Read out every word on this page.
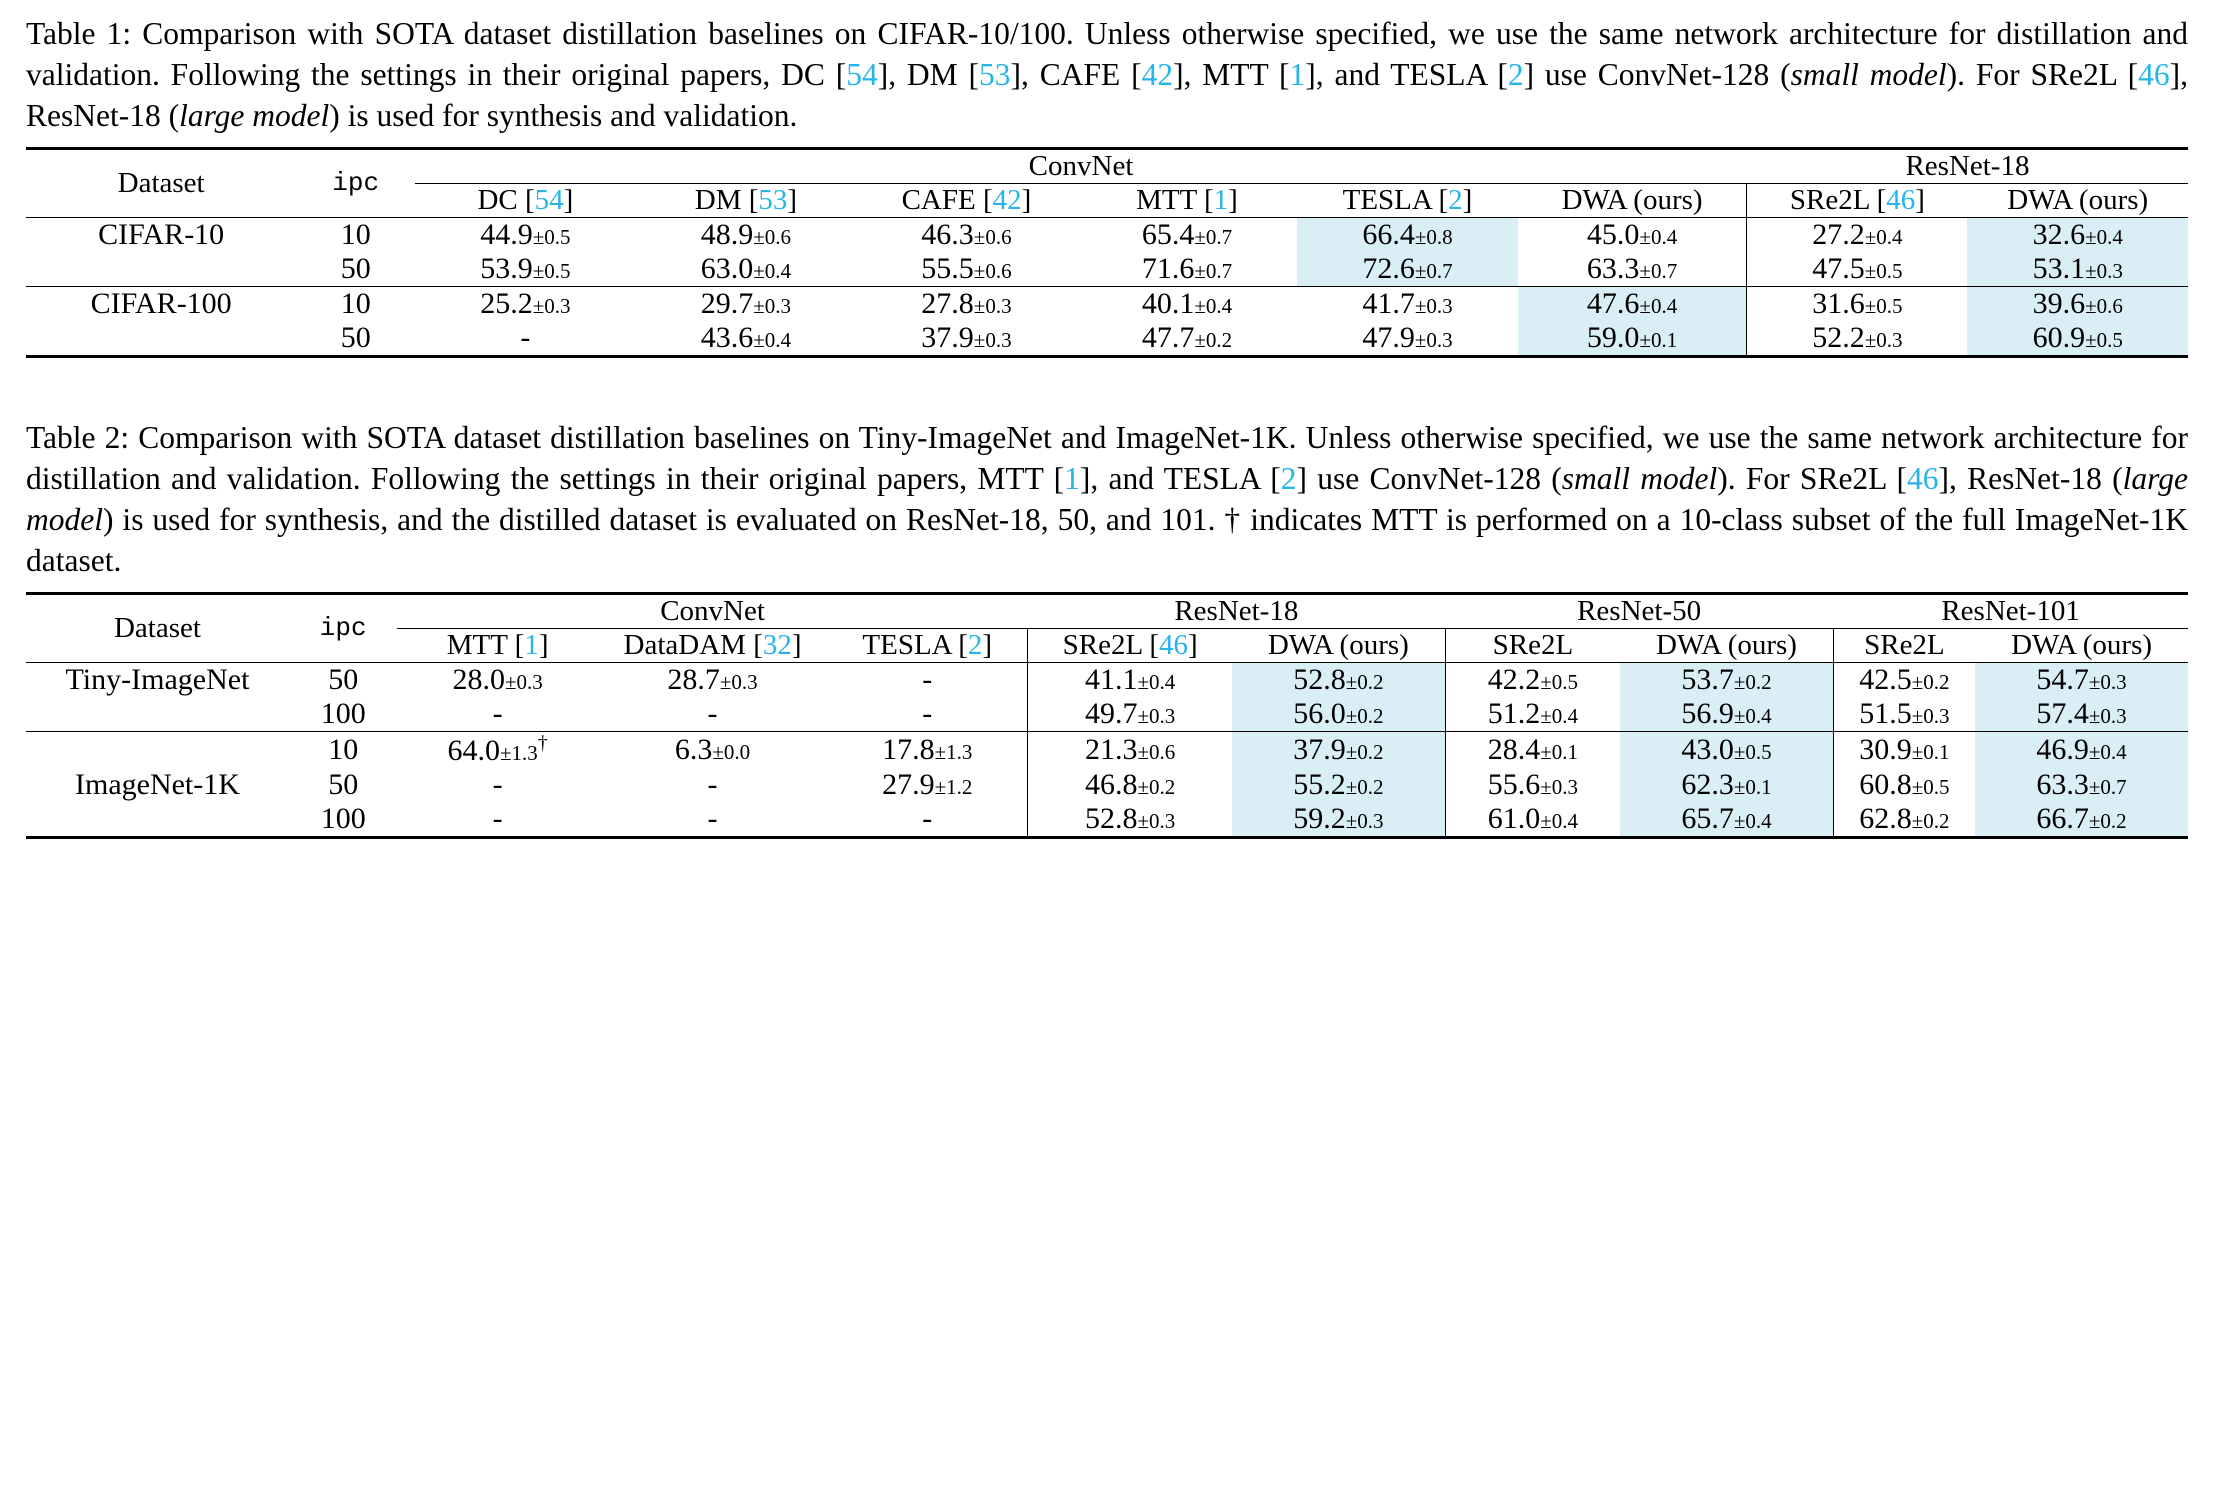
Table 1: Comparison with SOTA dataset distillation baselines on CIFAR-10/100. Unless otherwise specified, we use the same network architecture for distillation and validation. Following the settings in their original papers, DC [54], DM [53], CAFE [42], MTT [1], and TESLA [2] use ConvNet-128 (small model). For SRe2L [46], ResNet-18 (large model) is used for synthesis and validation.

Dataset	ipc	ConvNet						ResNet-18	
		DC [54]	DM [53]	CAFE [42]	MTT [1]	TESLA [2]	DWA (ours)	SRe2L [46]	DWA (ours)

CIFAR-10	10	44.9±0.5	48.9±0.6	46.3±0.6	65.4±0.7	66.4±0.8	45.0±0.4	27.2±0.4	32.6±0.4
	50	53.9±0.5	63.0±0.4	55.5±0.6	71.6±0.7	72.6±0.7	63.3±0.7	47.5±0.5	53.1±0.3

CIFAR-100	10	25.2±0.3	29.7±0.3	27.8±0.3	40.1±0.4	41.7±0.3	47.6±0.4	31.6±0.5	39.6±0.6
	50	-	43.6±0.4	37.9±0.3	47.7±0.2	47.9±0.3	59.0±0.1	52.2±0.3	60.9±0.5

Table 2: Comparison with SOTA dataset distillation baselines on Tiny-ImageNet and ImageNet-1K. Unless otherwise specified, we use the same network architecture for distillation and validation. Following the settings in their original papers, MTT [1], and TESLA [2] use ConvNet-128 (small model). For SRe2L [46], ResNet-18 (large model) is used for synthesis, and the distilled dataset is evaluated on ResNet-18, 50, and 101. † indicates MTT is performed on a 10-class subset of the full ImageNet-1K dataset.

Dataset	ipc	ConvNet			ResNet-18		ResNet-50		ResNet-101	
		MTT [1]	DataDAM [32]	TESLA [2]	SRe2L [46]	DWA (ours)	SRe2L	DWA (ours)	SRe2L	DWA (ours)

Tiny-ImageNet	50	28.0±0.3	28.7±0.3	-	41.1±0.4	52.8±0.2	42.2±0.5	53.7±0.2	42.5±0.2	54.7±0.3
	100	-	-	-	49.7±0.3	56.0±0.2	51.2±0.4	56.9±0.4	51.5±0.3	57.4±0.3

	10	64.0±1.3†	6.3±0.0	17.8±1.3	21.3±0.6	37.9±0.2	28.4±0.1	43.0±0.5	30.9±0.1	46.9±0.4
ImageNet-1K	50	-	-	27.9±1.2	46.8±0.2	55.2±0.2	55.6±0.3	62.3±0.1	60.8±0.5	63.3±0.7
	100	-	-	-	52.8±0.3	59.2±0.3	61.0±0.4	65.7±0.4	62.8±0.2	66.7±0.2
